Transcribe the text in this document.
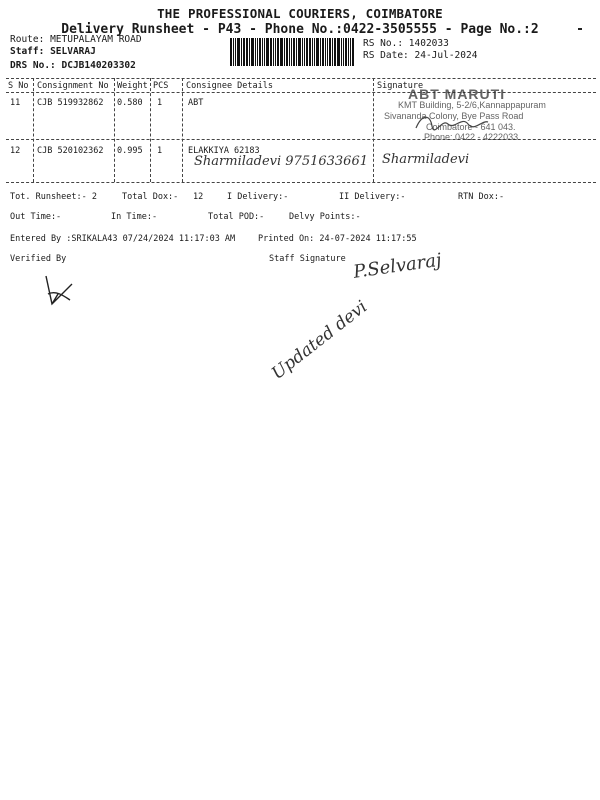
THE PROFESSIONAL COURIERS, COIMBATORE
Delivery Runsheet - P43 - Phone No.:0422-3505555 - Page No.:2
Route: METUPALAYAM ROAD
Staff: SELVARAJ
DRS No.: DCJB140203302
RS No.: 1402033
RS Date: 24-Jul-2024
S No Consignment No Weight PCS Consignee Details	Signature
11 CJB 519932862 0.580 1	ABT
12 CJB 520102362 0.995 1	ELAKKIYA 62183
Sharmiladevi 9751633661 Sharmiladevi
ABT MARUTI
KMT Building, 5-2/6,Kannappapuram
Sivananda Colony, Bye Pass Road
Coimbatore - 641 043.
Phone: 0422 - 4222033
Tot. Runsheet:- 2	Total Dox:- 12	I Delivery:-	II Delivery:-	RTN Dox:-
Out Time:-	In Time:-	Total POD:-	Delvy Points:-
Entered By :SRIKALA43 07/24/2024 11:17:03 AM	Printed On: 24-07-2024 11:17:55
Verified By	Staff Signature P.Selvaraj
Updated devi
